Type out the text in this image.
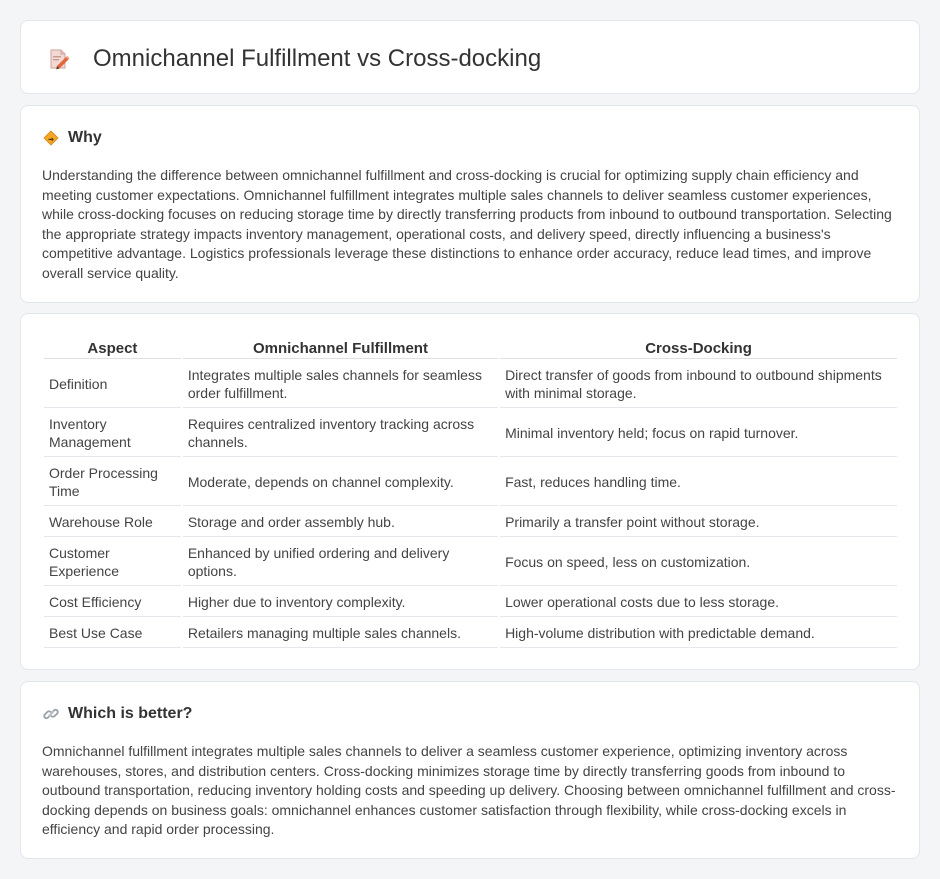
Omnichannel Fulfillment vs Cross-docking
Why

Understanding the difference between omnichannel fulfillment and cross-docking is crucial for optimizing supply chain efficiency and meeting customer expectations. Omnichannel fulfillment integrates multiple sales channels to deliver seamless customer experiences, while cross-docking focuses on reducing storage time by directly transferring products from inbound to outbound transportation. Selecting the appropriate strategy impacts inventory management, operational costs, and delivery speed, directly influencing a business's competitive advantage. Logistics professionals leverage these distinctions to enhance order accuracy, reduce lead times, and improve overall service quality.

Aspect	Omnichannel Fulfillment	Cross-Docking
Definition	Integrates multiple sales channels for seamless order fulfillment.	Direct transfer of goods from inbound to outbound shipments with minimal storage.
Inventory Management	Requires centralized inventory tracking across channels.	Minimal inventory held; focus on rapid turnover.
Order Processing Time	Moderate, depends on channel complexity.	Fast, reduces handling time.
Warehouse Role	Storage and order assembly hub.	Primarily a transfer point without storage.
Customer Experience	Enhanced by unified ordering and delivery options.	Focus on speed, less on customization.
Cost Efficiency	Higher due to inventory complexity.	Lower operational costs due to less storage.
Best Use Case	Retailers managing multiple sales channels.	High-volume distribution with predictable demand.
Which is better?

Omnichannel fulfillment integrates multiple sales channels to deliver a seamless customer experience, optimizing inventory across warehouses, stores, and distribution centers. Cross-docking minimizes storage time by directly transferring goods from inbound to outbound transportation, reducing inventory holding costs and speeding up delivery. Choosing between omnichannel fulfillment and cross-docking depends on business goals: omnichannel enhances customer satisfaction through flexibility, while cross-docking excels in efficiency and rapid order processing.
